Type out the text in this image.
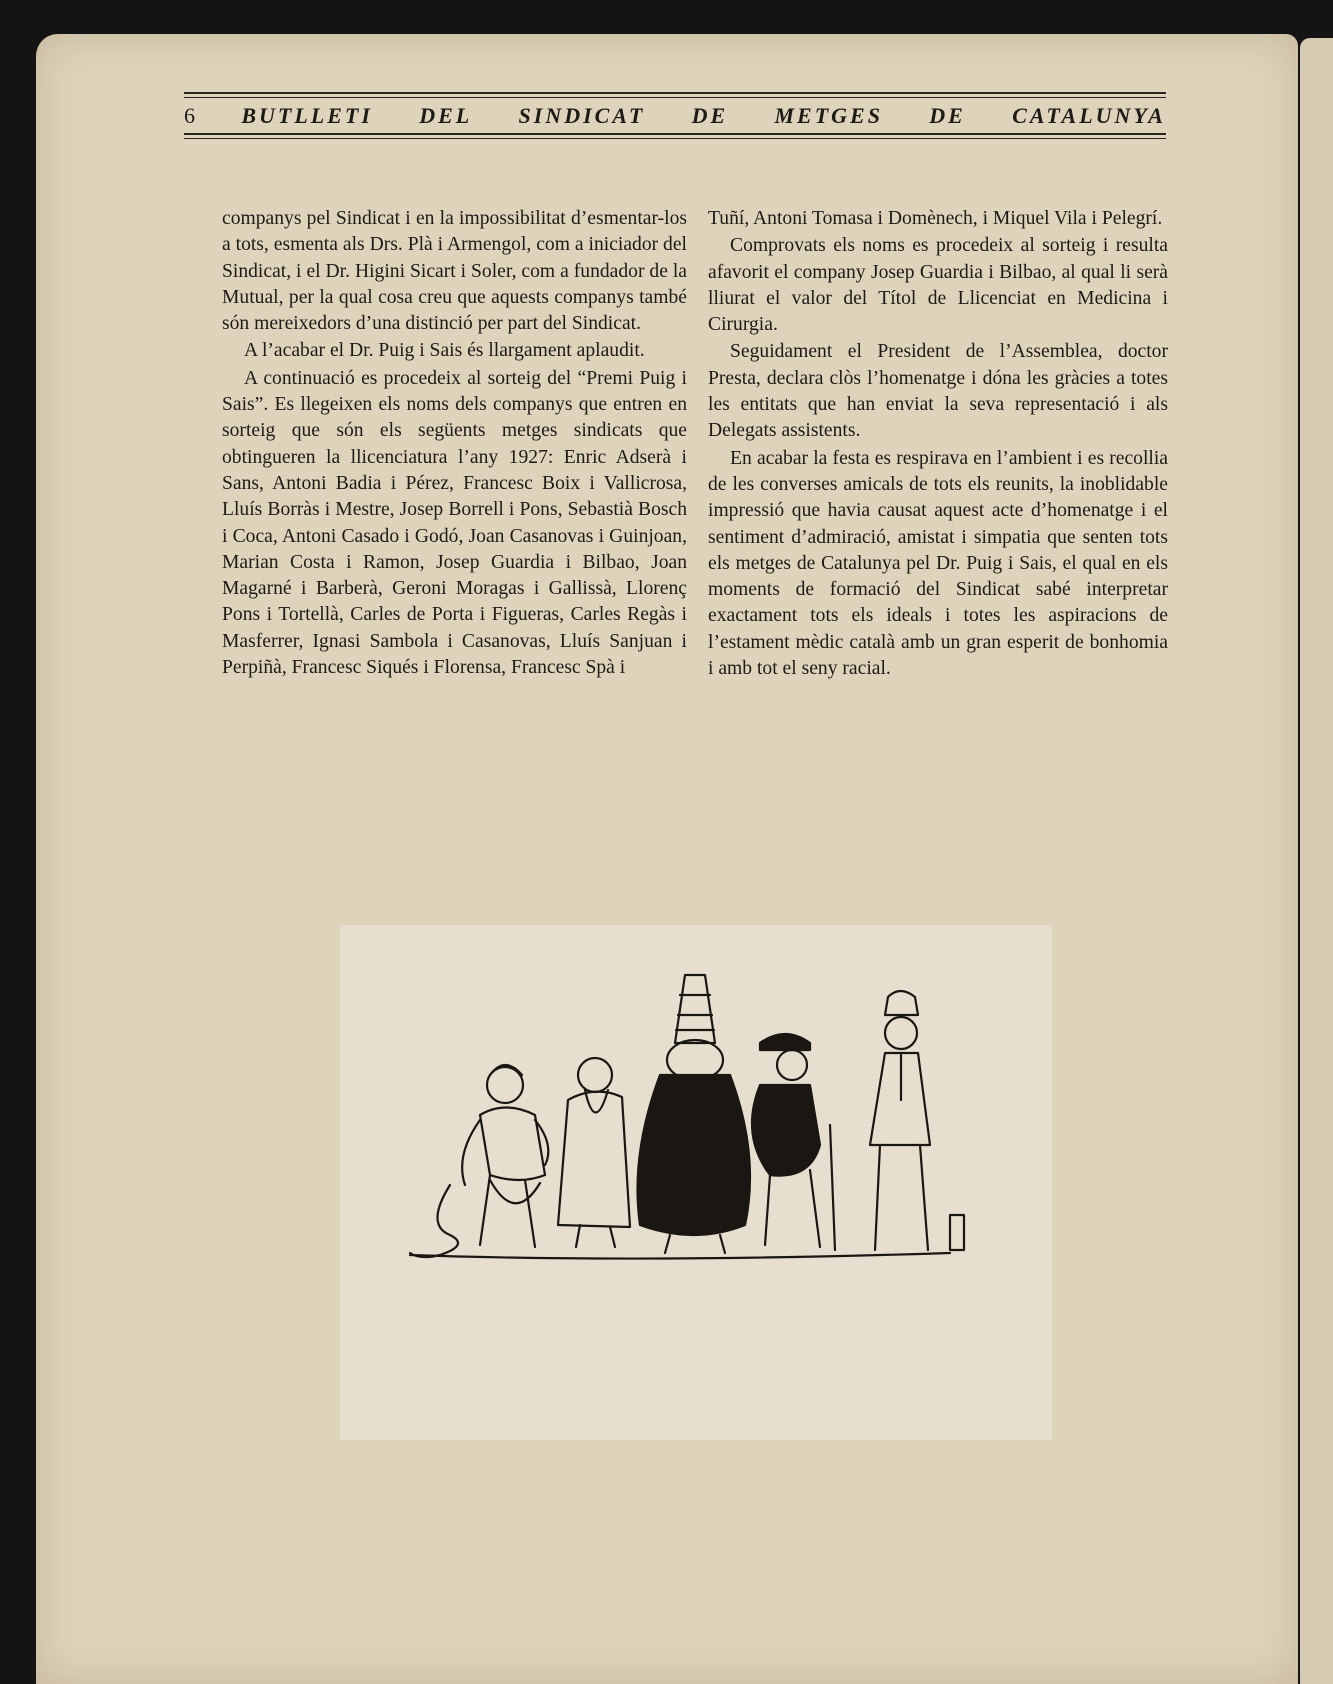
6 BUTLLETI DEL SINDICAT DE METGES DE CATALUNYA

companys pel Sindicat i en la impossibilitat d’esmentar-los a tots, esmenta als Drs. Plà i Armengol, com a iniciador del Sindicat, i el Dr. Higini Sicart i Soler, com a fundador de la Mutual, per la qual cosa creu que aquests companys també són mereixedors d’una distinció per part del Sindicat.

A l’acabar el Dr. Puig i Sais és llargament aplaudit.

A continuació es procedeix al sorteig del “Premi Puig i Sais”. Es llegeixen els noms dels companys que entren en sorteig que són els següents metges sindicats que obtingueren la llicenciatura l’any 1927: Enric Adserà i Sans, Antoni Badia i Pérez, Francesc Boix i Vallicrosa, Lluís Borràs i Mestre, Josep Borrell i Pons, Sebastià Bosch i Coca, Antoni Casado i Godó, Joan Casanovas i Guinjoan, Marian Costa i Ramon, Josep Guardia i Bilbao, Joan Magarné i Barberà, Geroni Moragas i Gallissà, Llorenç Pons i Tortellà, Carles de Porta i Figueras, Carles Regàs i Masferrer, Ignasi Sambola i Casanovas, Lluís Sanjuan i Perpiñà, Francesc Siqués i Florensa, Francesc Spà i

Tuñí, Antoni Tomasa i Domènech, i Miquel Vila i Pelegrí.

Comprovats els noms es procedeix al sorteig i resulta afavorit el company Josep Guardia i Bilbao, al qual li serà lliurat el valor del Títol de Llicenciat en Medicina i Cirurgia.

Seguidament el President de l’Assemblea, doctor Presta, declara clòs l’homenatge i dóna les gràcies a totes les entitats que han enviat la seva representació i als Delegats assistents.

En acabar la festa es respirava en l’ambient i es recollia de les converses amicals de tots els reunits, la inoblidable impressió que havia causat aquest acte d’homenatge i el sentiment d’admiració, amistat i simpatia que senten tots els metges de Catalunya pel Dr. Puig i Sais, el qual en els moments de formació del Sindicat sabé interpretar exactament tots els ideals i totes les aspiracions de l’estament mèdic català amb un gran esperit de bonhomia i amb tot el seny racial.
